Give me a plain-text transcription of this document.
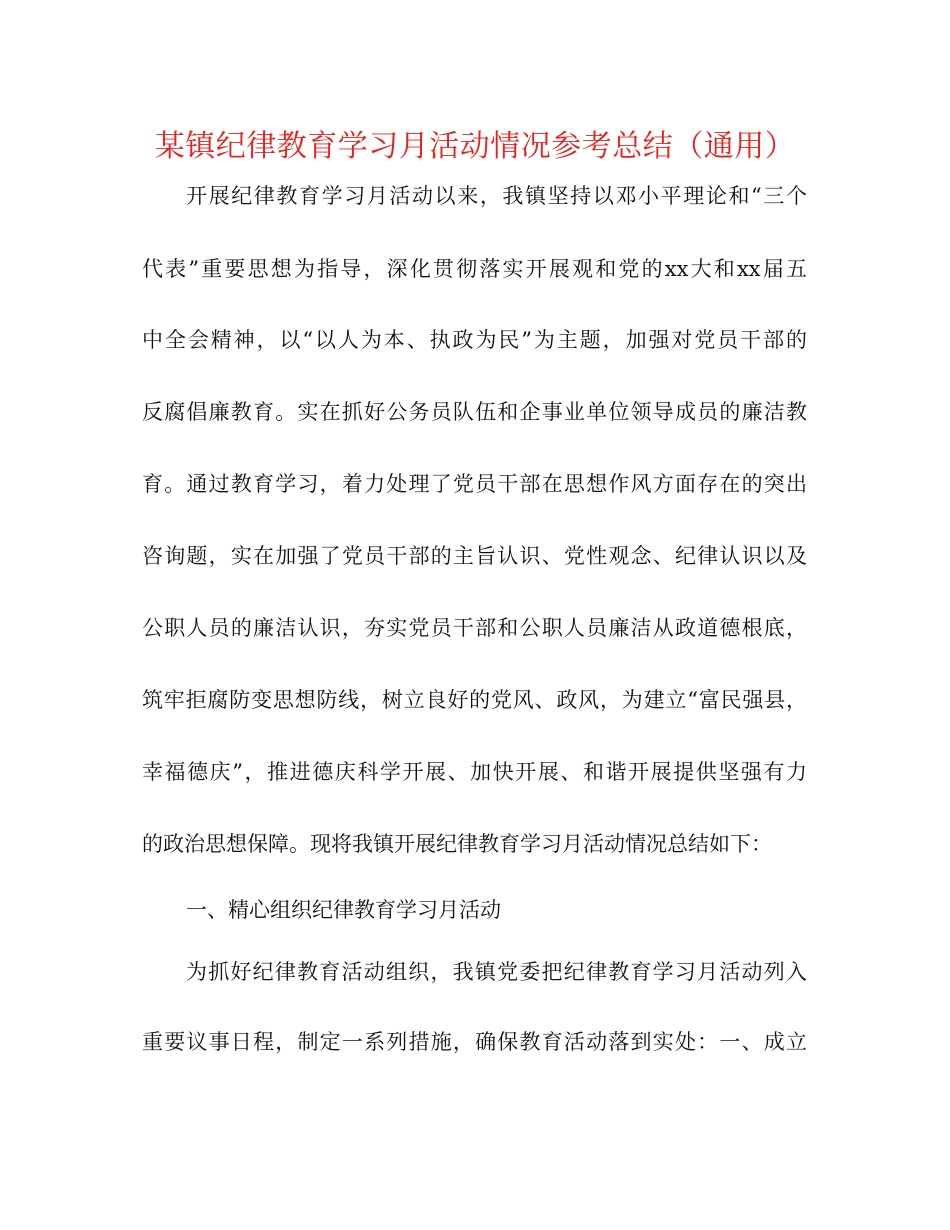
某镇纪律教育学习月活动情况参考总结（通用）
开展纪律教育学习月活动以来，我镇坚持以邓小平理论和“三个
代表”重要思想为指导，深化贯彻落实开展观和党的xx大和xx届五
中全会精神，以“以人为本、执政为民”为主题，加强对党员干部的
反腐倡廉教育。实在抓好公务员队伍和企事业单位领导成员的廉洁教
育。通过教育学习，着力处理了党员干部在思想作风方面存在的突出
咨询题，实在加强了党员干部的主旨认识、党性观念、纪律认识以及
公职人员的廉洁认识，夯实党员干部和公职人员廉洁从政道德根底，
筑牢拒腐防变思想防线，树立良好的党风、政风，为建立“富民强县，
幸福德庆”，推进德庆科学开展、加快开展、和谐开展提供坚强有力
的政治思想保障。现将我镇开展纪律教育学习月活动情况总结如下：
一、精心组织纪律教育学习月活动
为抓好纪律教育活动组织，我镇党委把纪律教育学习月活动列入
重要议事日程，制定一系列措施，确保教育活动落到实处：一、成立
